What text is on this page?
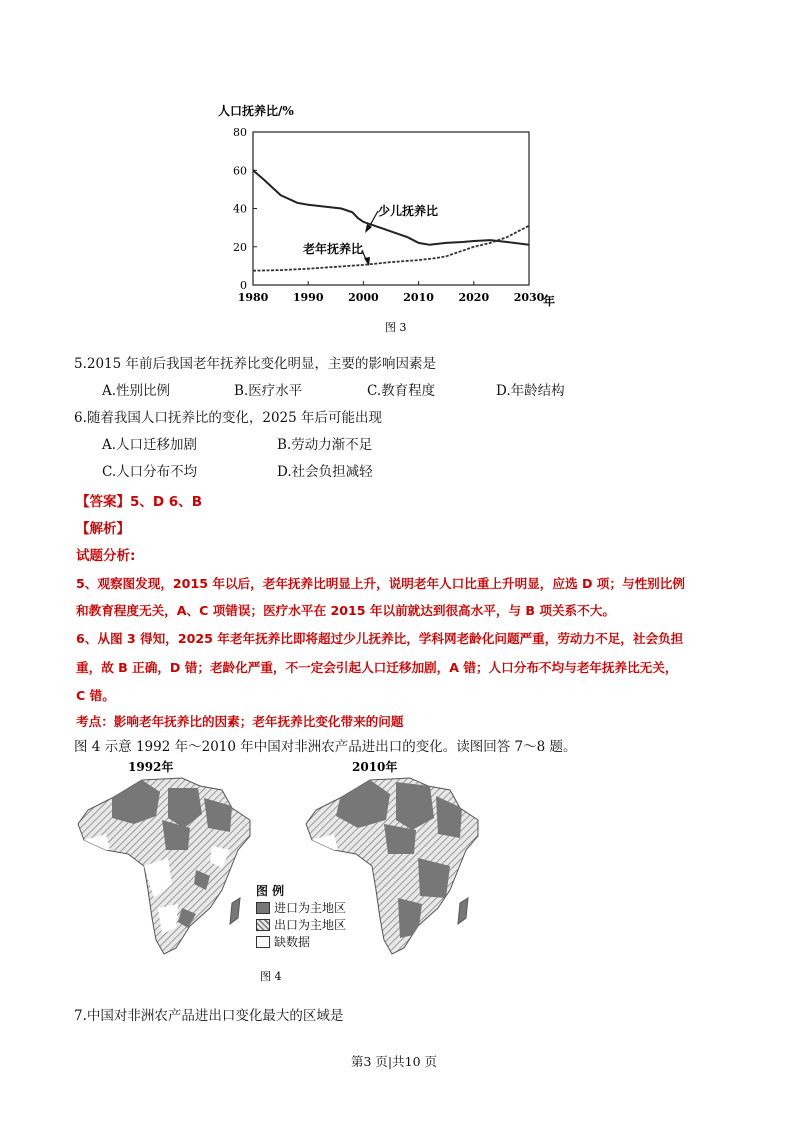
人口抚养比/%
0
20
40
60
80
1980 1990 2000 2010 2020 2030
年
少儿抚养比
老年抚养比
图 3
5.2015 年前后我国老年抚养比变化明显，主要的影响因素是
A.性别比例	B.医疗水平	C.教育程度	D.年龄结构
6.随着我国人口抚养比的变化，2025 年后可能出现
A.人口迁移加剧	B.劳动力渐不足
C.人口分布不均	D.社会负担减轻
【答案】5、D 6、B
【解析】
试题分析:
5、观察图发现，2015 年以后，老年抚养比明显上升，说明老年人口比重上升明显，应选 D 项；与性别比例
和教育程度无关，A、C 项错误；医疗水平在 2015 年以前就达到很高水平，与 B 项关系不大。
6、从图 3 得知，2025 年老年抚养比即将超过少儿抚养比，学科网老龄化问题严重，劳动力不足，社会负担
重，故 B 正确，D 错；老龄化严重，不一定会引起人口迁移加剧，A 错；人口分布不均与老年抚养比无关，
C 错。
考点：影响老年抚养比的因素；老年抚养比变化带来的问题
图 4 示意 1992 年～2010 年中国对非洲农产品进出口的变化。读图回答 7～8 题。
1992年	2010年
图 4
图 例
进口为主地区
出口为主地区
缺数据
7.中国对非洲农产品进出口变化最大的区域是
第3 页|共10 页
